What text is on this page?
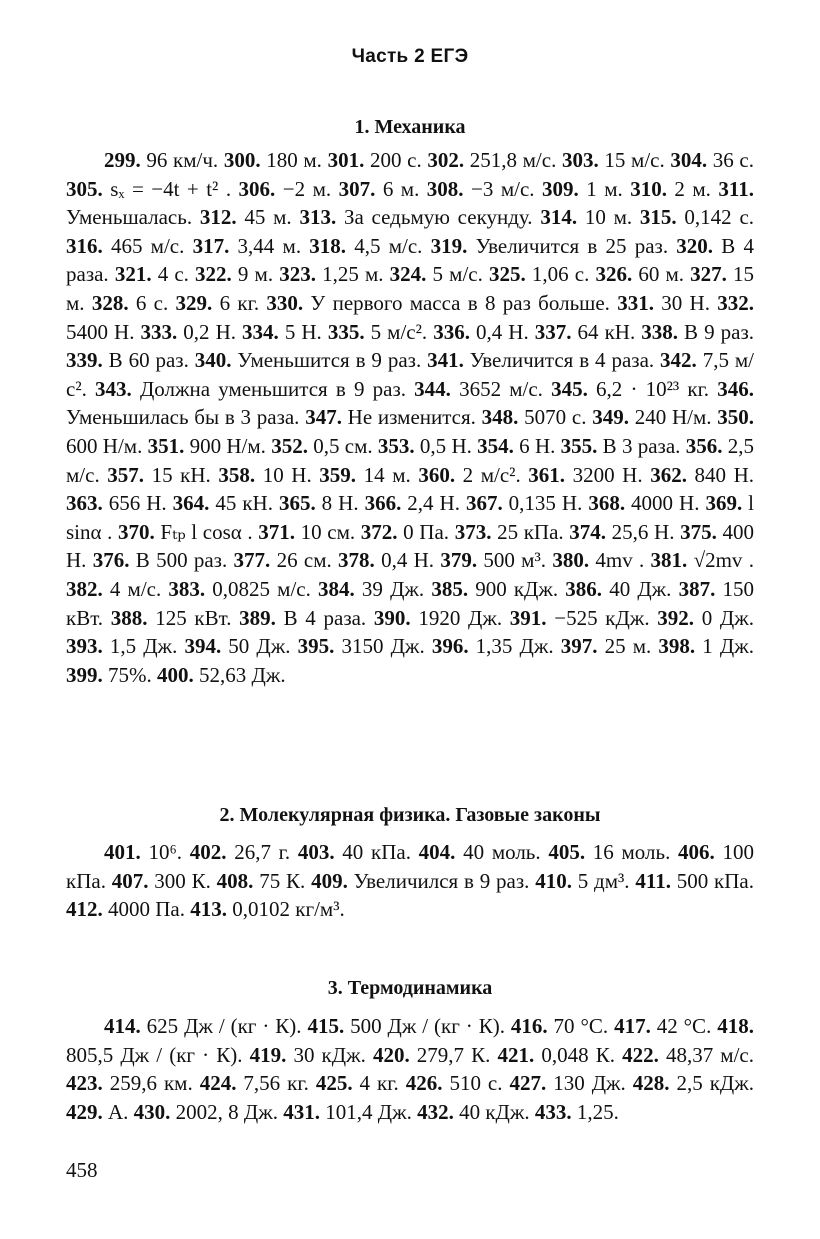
Часть 2 ЕГЭ
1. Механика

299. 96 км/ч. 300. 180 м. 301. 200 с. 302. 251,8 м/с. 303. 15 м/с. 304. 36 с. 305. sₓ = −4t + t² . 306. −2 м. 307. 6 м. 308. −3 м/с. 309. 1 м. 310. 2 м. 311. Уменьшалась. 312. 45 м. 313. За седьмую секунду. 314. 10 м. 315. 0,142 с. 316. 465 м/с. 317. 3,44 м. 318. 4,5 м/с. 319. Увеличится в 25 раз. 320. В 4 раза. 321. 4 с. 322. 9 м. 323. 1,25 м. 324. 5 м/с. 325. 1,06 с. 326. 60 м. 327. 15 м. 328. 6 с. 329. 6 кг. 330. У первого масса в 8 раз больше. 331. 30 Н. 332. 5400 Н. 333. 0,2 Н. 334. 5 Н. 335. 5 м/с². 336. 0,4 Н. 337. 64 кН. 338. В 9 раз. 339. В 60 раз. 340. Уменьшится в 9 раз. 341. Увеличится в 4 раза. 342. 7,5 м/с². 343. Должна уменьшится в 9 раз. 344. 3652 м/с. 345. 6,2 · 10²³ кг. 346. Уменьшилась бы в 3 раза. 347. Не изменится. 348. 5070 с. 349. 240 Н/м. 350. 600 Н/м. 351. 900 Н/м. 352. 0,5 см. 353. 0,5 Н. 354. 6 Н. 355. В 3 раза. 356. 2,5 м/с. 357. 15 кН. 358. 10 Н. 359. 14 м. 360. 2 м/с². 361. 3200 Н. 362. 840 Н. 363. 656 Н. 364. 45 кН. 365. 8 Н. 366. 2,4 Н. 367. 0,135 Н. 368. 4000 Н. 369. l sinα . 370. Fₜₚ l cosα . 371. 10 см. 372. 0 Па. 373. 25 кПа. 374. 25,6 Н. 375. 400 Н. 376. В 500 раз. 377. 26 см. 378. 0,4 Н. 379. 500 м³. 380. 4mv . 381. √2mv . 382. 4 м/с. 383. 0,0825 м/с. 384. 39 Дж. 385. 900 кДж. 386. 40 Дж. 387. 150 кВт. 388. 125 кВт. 389. В 4 раза. 390. 1920 Дж. 391. −525 кДж. 392. 0 Дж. 393. 1,5 Дж. 394. 50 Дж. 395. 3150 Дж. 396. 1,35 Дж. 397. 25 м. 398. 1 Дж. 399. 75%. 400. 52,63 Дж.

2. Молекулярная физика. Газовые законы

401. 10⁶. 402. 26,7 г. 403. 40 кПа. 404. 40 моль. 405. 16 моль. 406. 100 кПа. 407. 300 К. 408. 75 К. 409. Увеличился в 9 раз. 410. 5 дм³. 411. 500 кПа. 412. 4000 Па. 413. 0,0102 кг/м³.

3. Термодинамика

414. 625 Дж / (кг · К). 415. 500 Дж / (кг · К). 416. 70 °C. 417. 42 °C. 418. 805,5 Дж / (кг · К). 419. 30 кДж. 420. 279,7 К. 421. 0,048 К. 422. 48,37 м/с. 423. 259,6 км. 424. 7,56 кг. 425. 4 кг. 426. 510 с. 427. 130 Дж. 428. 2,5 кДж. 429. А. 430. 2002, 8 Дж. 431. 101,4 Дж. 432. 40 кДж. 433. 1,25.

458
